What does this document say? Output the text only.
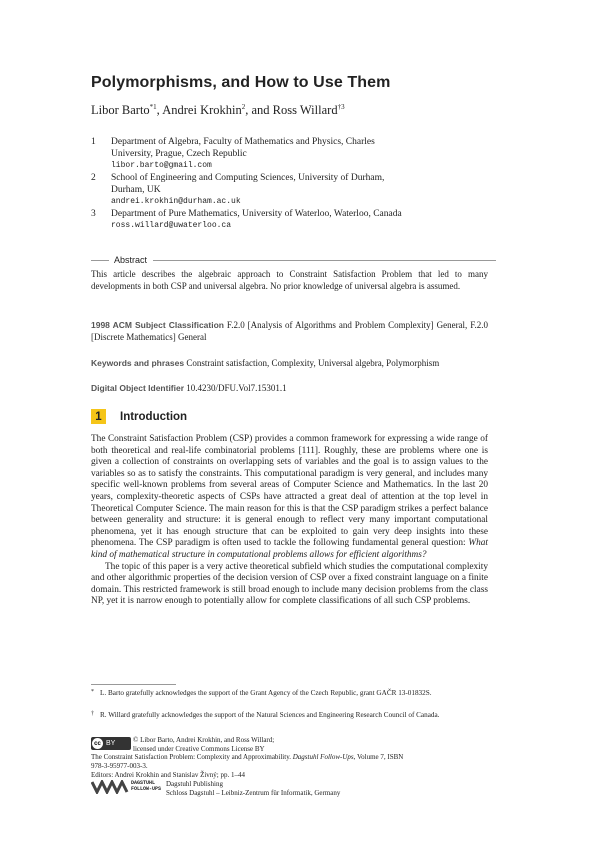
Polymorphisms, and How to Use Them
Libor Barto$^{*1}$, Andrei Krokhin$^2$, and Ross Willard$^{\dagger 3}$
1 Department of Algebra, Faculty of Mathematics and Physics, Charles
University, Prague, Czech Republic
libor.barto@gmail.com
2 School of Engineering and Computing Sciences, University of Durham,
Durham, UK
andrei.krokhin@durham.ac.uk
3 Department of Pure Mathematics, University of Waterloo, Waterloo, Canada
ross.willard@uwaterloo.ca
Abstract
This article describes the algebraic approach to Constraint Satisfaction Problem that led to many developments in both CSP and universal algebra. No prior knowledge of universal algebra is assumed.
1998 ACM Subject Classification F.2.0 [Analysis of Algorithms and Problem Complexity] General, F.2.0 [Discrete Mathematics] General
Keywords and phrases Constraint satisfaction, Complexity, Universal algebra, Polymorphism
Digital Object Identifier 10.4230/DFU.Vol7.15301.1
1	Introduction

The Constraint Satisfaction Problem (CSP) provides a common framework for expressing a wide range of both theoretical and real-life combinatorial problems [111]. Roughly, these are problems where one is given a collection of constraints on overlapping sets of variables and the goal is to assign values to the variables so as to satisfy the constraints. This computational paradigm is very general, and includes many specific well-known problems from several areas of Computer Science and Mathematics. In the last 20 years, complexity-theoretic aspects of CSPs have attracted a great deal of attention at the top level in Theoretical Computer Science. The main reason for this is that the CSP paradigm strikes a perfect balance between generality and structure: it is general enough to reflect very many important computational phenomena, yet it has enough structure that can be exploited to gain very deep insights into these phenomena. The CSP paradigm is often used to tackle the following fundamental general question: What kind of mathematical structure in computational problems allows for efficient algorithms?

The topic of this paper is a very active theoretical subfield which studies the computational complexity and other algorithmic properties of the decision version of CSP over a fixed constraint language on a finite domain. This restricted framework is still broad enough to include many decision problems from the class NP, yet it is narrow enough to potentially allow for complete classifications of all such CSP problems.

* L. Barto gratefully acknowledges the support of the Grant Agency of the Czech Republic, grant GAČR 13-01832S.
† R. Willard gratefully acknowledges the support of the Natural Sciences and Engineering Research Council of Canada.
cc BY	© Libor Barto, Andrei Krokhin, and Ross Willard;
licensed under Creative Commons License BY
The Constraint Satisfaction Problem: Complexity and Approximability. Dagstuhl Follow-Ups, Volume 7, ISBN
978-3-95977-003-3.
Editors: Andrei Krokhin and Stanislav Živný; pp. 1–44
DAGSTUHL
FOLLOW-UPS
Dagstuhl Publishing
Schloss Dagstuhl – Leibniz-Zentrum für Informatik, Germany
